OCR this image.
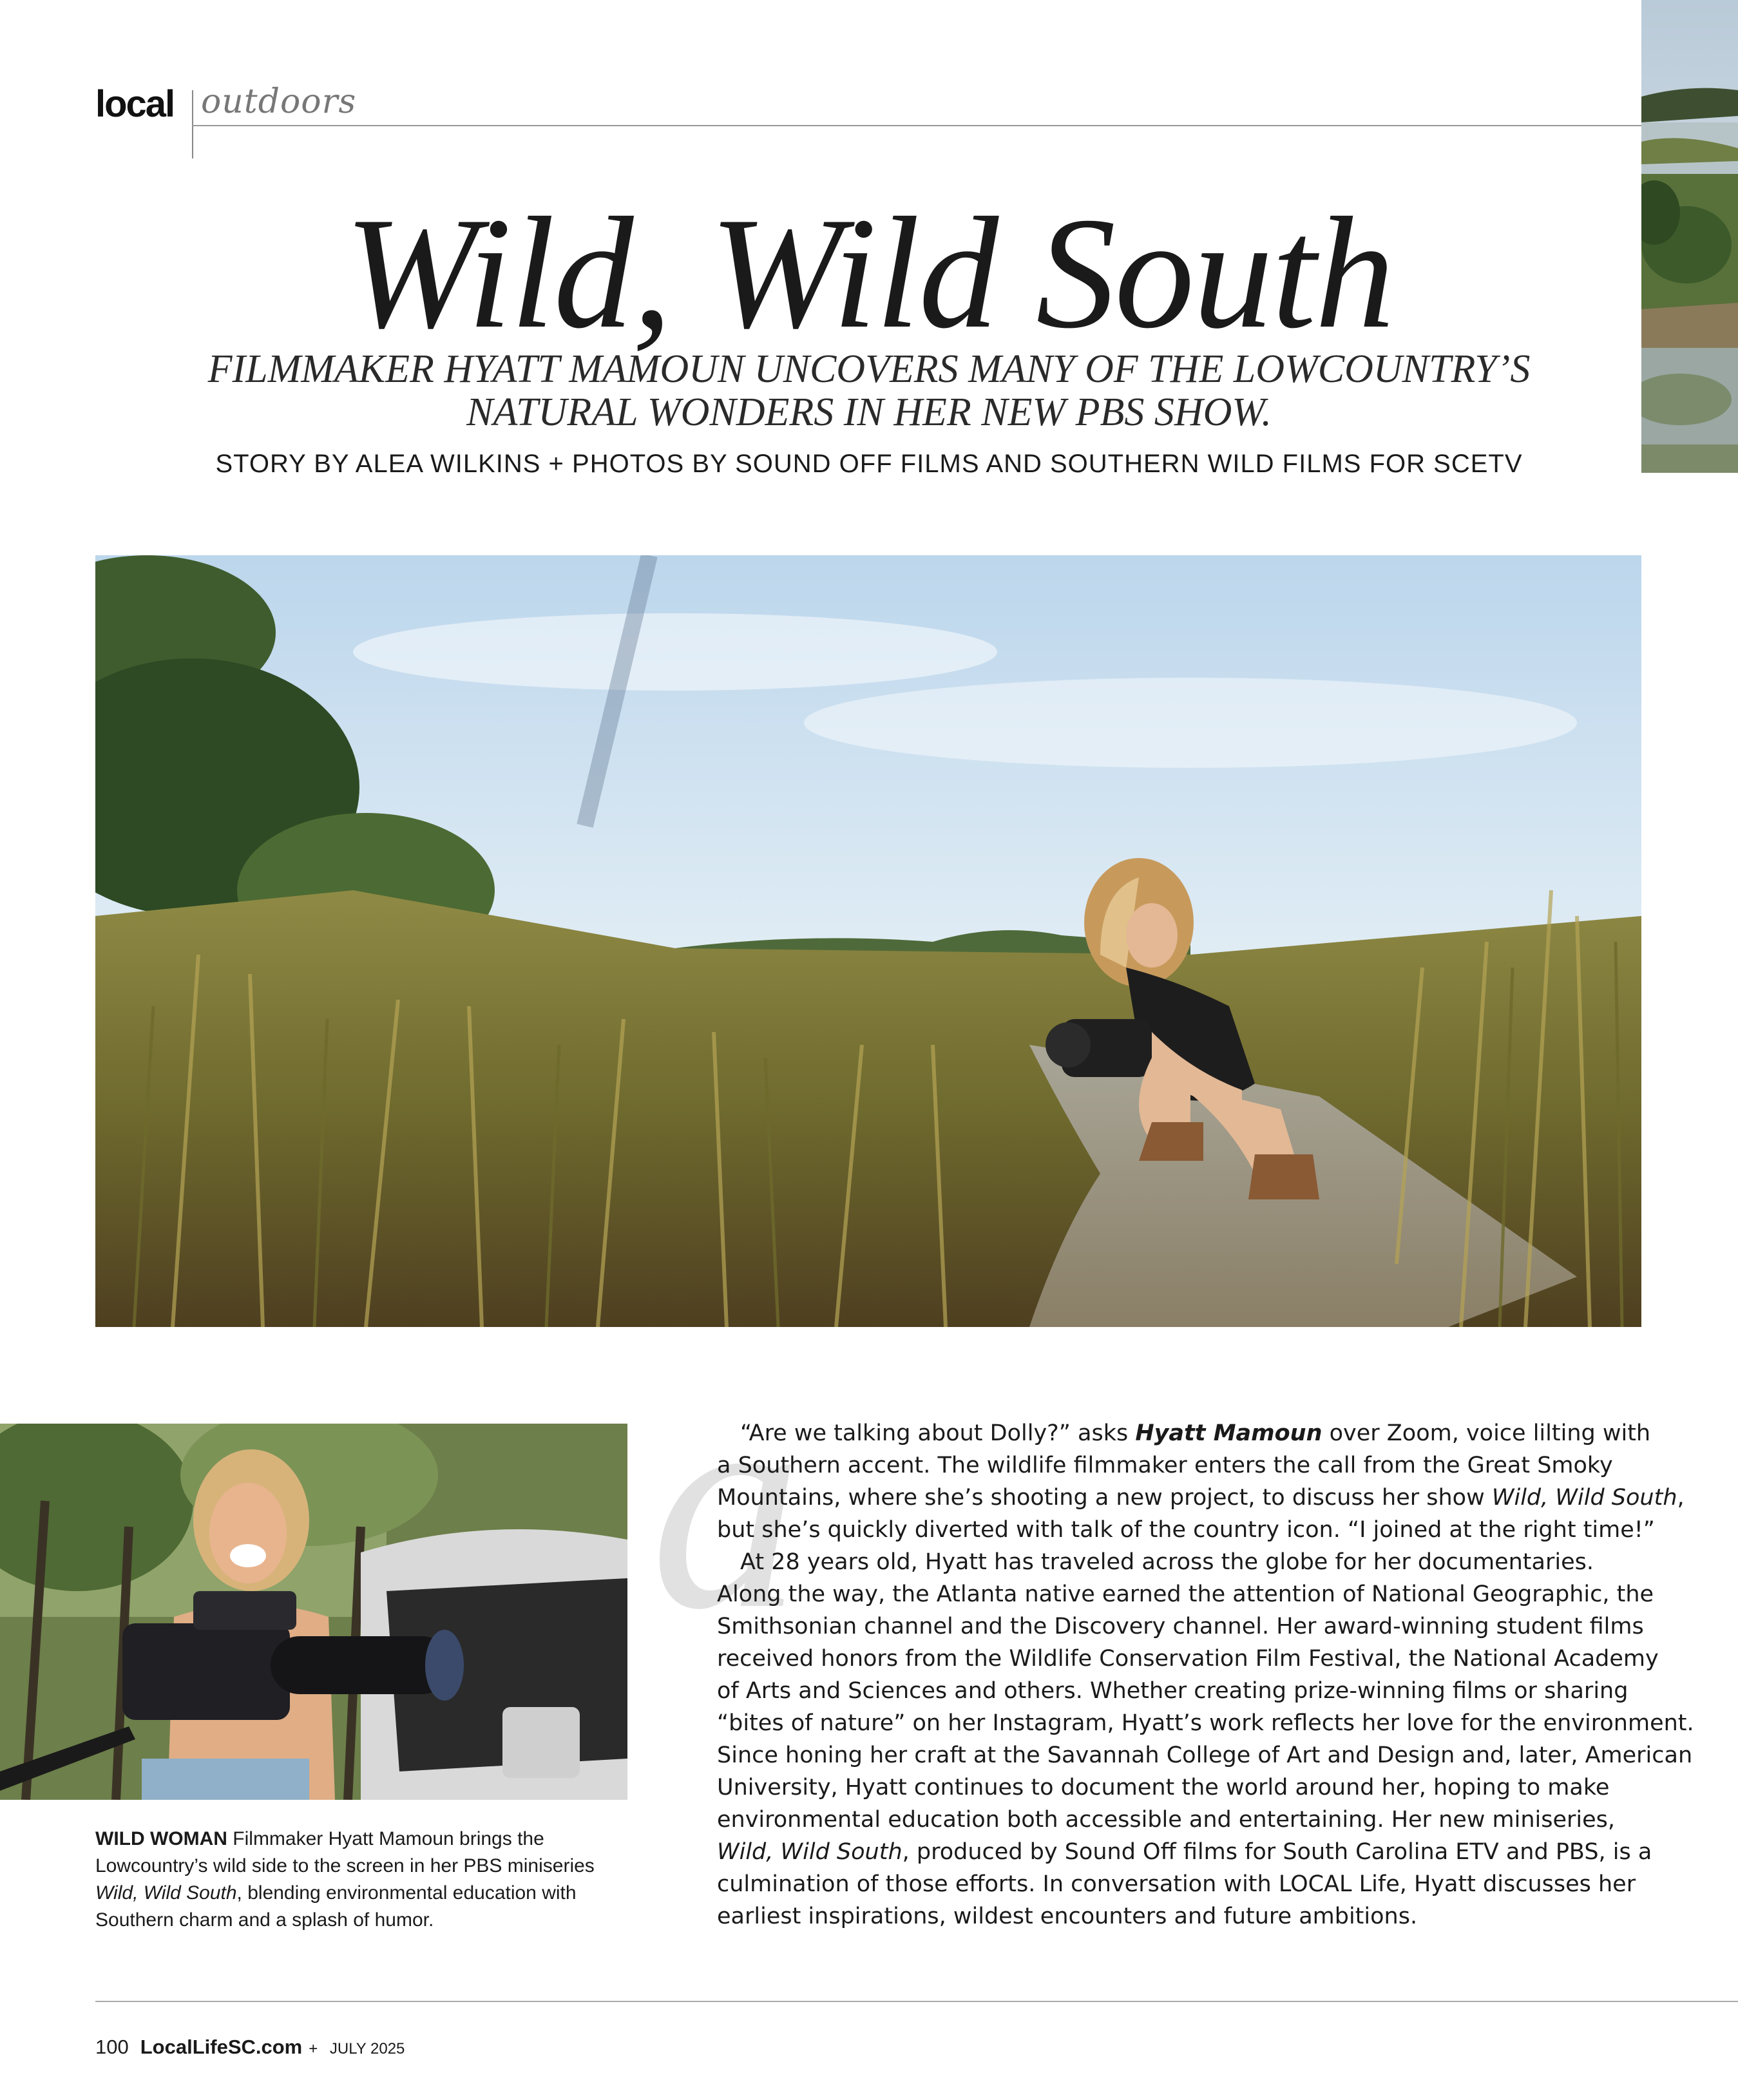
local outdoors
Wild, Wild South
FILMMAKER HYATT MAMOUN UNCOVERS MANY OF THE LOWCOUNTRY’S
NATURAL WONDERS IN HER NEW PBS SHOW.
STORY BY ALEA WILKINS + PHOTOS BY SOUND OFF FILMS AND SOUTHERN WILD FILMS FOR SCETV
WILD WOMAN Filmmaker Hyatt Mamoun brings the
Lowcountry’s wild side to the screen in her PBS miniseries
Wild, Wild South, blending environmental education with
Southern charm and a splash of humor.
a

“Are we talking about Dolly?” asks Hyatt Mamoun over Zoom, voice lilting with

a Southern accent. The wildlife filmmaker enters the call from the Great Smoky

Mountains, where she’s shooting a new project, to discuss her show Wild, Wild South,

but she’s quickly diverted with talk of the country icon. “I joined at the right time!”

At 28 years old, Hyatt has traveled across the globe for her documentaries.

Along the way, the Atlanta native earned the attention of National Geographic, the

Smithsonian channel and the Discovery channel. Her award-winning student films

received honors from the Wildlife Conservation Film Festival, the National Academy

of Arts and Sciences and others. Whether creating prize-winning films or sharing

“bites of nature” on her Instagram, Hyatt’s work reflects her love for the environment.

Since honing her craft at the Savannah College of Art and Design and, later, American

University, Hyatt continues to document the world around her, hoping to make

environmental education both accessible and entertaining. Her new miniseries,

Wild, Wild South, produced by Sound Off films for South Carolina ETV and PBS, is a

culmination of those efforts. In conversation with LOCAL Life, Hyatt discusses her

earliest inspirations, wildest encounters and future ambitions.

100 LocalLifeSC.com + JULY 2025
